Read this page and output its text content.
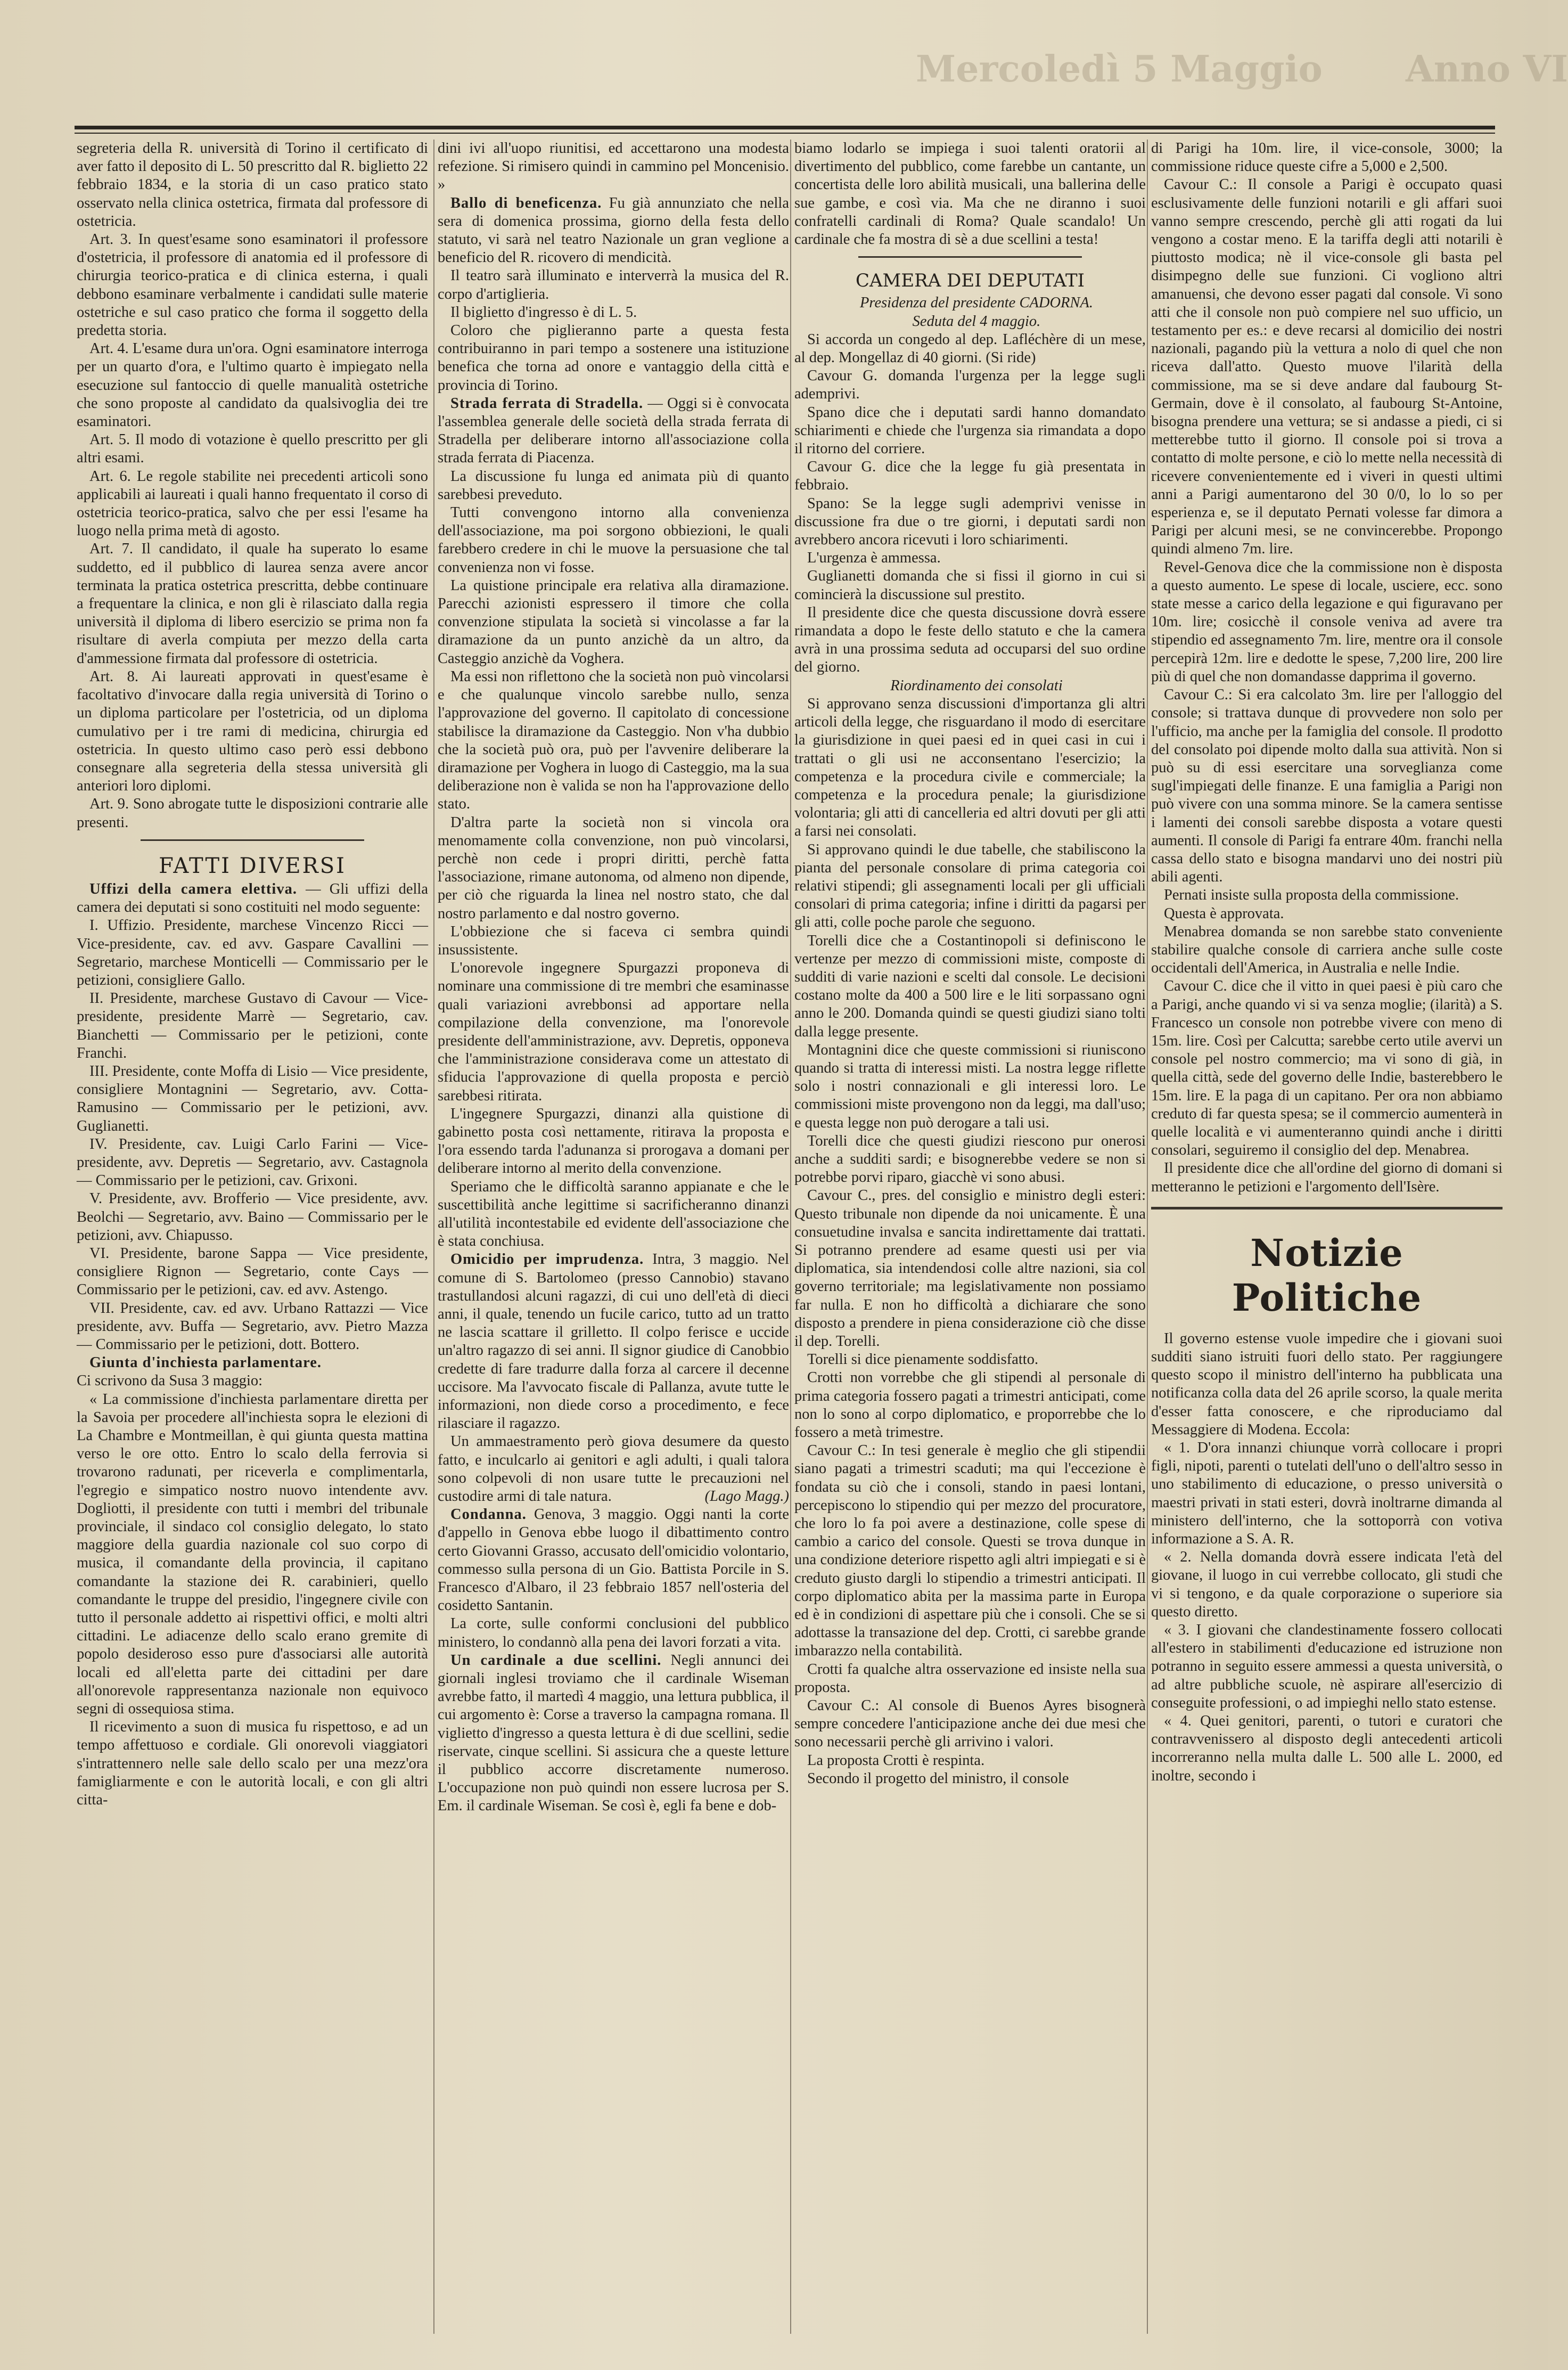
Anno VI
Mercoledì 5 Maggio

segreteria della R. università di Torino il certificato di aver fatto il deposito di L. 50 prescritto dal R. biglietto 22 febbraio 1834, e la storia di un caso pratico stato osservato nella clinica ostetrica, firmata dal professore di ostetricia.

Art. 3. In quest'esame sono esaminatori il professore d'ostetricia, il professore di anatomia ed il professore di chirurgia teorico-pratica e di clinica esterna, i quali debbono esaminare verbalmente i candidati sulle materie ostetriche e sul caso pratico che forma il soggetto della predetta storia.

Art. 4. L'esame dura un'ora. Ogni esaminatore interroga per un quarto d'ora, e l'ultimo quarto è impiegato nella esecuzione sul fantoccio di quelle manualità ostetriche che sono proposte al candidato da qualsivoglia dei tre esaminatori.

Art. 5. Il modo di votazione è quello prescritto per gli altri esami.

Art. 6. Le regole stabilite nei precedenti articoli sono applicabili ai laureati i quali hanno frequentato il corso di ostetricia teorico-pratica, salvo che per essi l'esame ha luogo nella prima metà di agosto.

Art. 7. Il candidato, il quale ha superato lo esame suddetto, ed il pubblico di laurea senza avere ancor terminata la pratica ostetrica prescritta, debbe continuare a frequentare la clinica, e non gli è rilasciato dalla regia università il diploma di libero esercizio se prima non fa risultare di averla compiuta per mezzo della carta d'ammessione firmata dal professore di ostetricia.

Art. 8. Ai laureati approvati in quest'esame è facoltativo d'invocare dalla regia università di Torino o un diploma particolare per l'ostetricia, od un diploma cumulativo per i tre rami di medicina, chirurgia ed ostetricia. In questo ultimo caso però essi debbono consegnare alla segreteria della stessa università gli anteriori loro diplomi.

Art. 9. Sono abrogate tutte le disposizioni contrarie alle presenti.

FATTI DIVERSI

Uffizi della camera elettiva. — Gli uffizi della camera dei deputati si sono costituiti nel modo seguente:

I. Uffizio. Presidente, marchese Vincenzo Ricci — Vice-presidente, cav. ed avv. Gaspare Cavallini — Segretario, marchese Monticelli — Commissario per le petizioni, consigliere Gallo.

II. Presidente, marchese Gustavo di Cavour — Vice-presidente, presidente Marrè — Segretario, cav. Bianchetti — Commissario per le petizioni, conte Franchi.

III. Presidente, conte Moffa di Lisio — Vice presidente, consigliere Montagnini — Segretario, avv. Cotta-Ramusino — Commissario per le petizioni, avv. Guglianetti.

IV. Presidente, cav. Luigi Carlo Farini — Vice-presidente, avv. Depretis — Segretario, avv. Castagnola — Commissario per le petizioni, cav. Grixoni.

V. Presidente, avv. Brofferio — Vice presidente, avv. Beolchi — Segretario, avv. Baino — Commissario per le petizioni, avv. Chiapusso.

VI. Presidente, barone Sappa — Vice presidente, consigliere Rignon — Segretario, conte Cays — Commissario per le petizioni, cav. ed avv. Astengo.

VII. Presidente, cav. ed avv. Urbano Rattazzi — Vice presidente, avv. Buffa — Segretario, avv. Pietro Mazza — Commissario per le petizioni, dott. Bottero.

Giunta d'inchiesta parlamentare.

Ci scrivono da Susa 3 maggio:

« La commissione d'inchiesta parlamentare diretta per la Savoia per procedere all'inchiesta sopra le elezioni di La Chambre e Montmeillan, è qui giunta questa mattina verso le ore otto. Entro lo scalo della ferrovia si trovarono radunati, per riceverla e complimentarla, l'egregio e simpatico nostro nuovo intendente avv. Dogliotti, il presidente con tutti i membri del tribunale provinciale, il sindaco col consiglio delegato, lo stato maggiore della guardia nazionale col suo corpo di musica, il comandante della provincia, il capitano comandante la stazione dei R. carabinieri, quello comandante le truppe del presidio, l'ingegnere civile con tutto il personale addetto ai rispettivi offici, e molti altri cittadini. Le adiacenze dello scalo erano gremite di popolo desideroso esso pure d'associarsi alle autorità locali ed all'eletta parte dei cittadini per dare all'onorevole rappresentanza nazionale non equivoco segni di ossequiosa stima.

Il ricevimento a suon di musica fu rispettoso, e ad un tempo affettuoso e cordiale. Gli onorevoli viaggiatori s'intrattennero nelle sale dello scalo per una mezz'ora famigliarmente e con le autorità locali, e con gli altri citta-

dini ivi all'uopo riunitisi, ed accettarono una modesta refezione. Si rimisero quindi in cammino pel Moncenisio. »

Ballo di beneficenza. Fu già annunziato che nella sera di domenica prossima, giorno della festa dello statuto, vi sarà nel teatro Nazionale un gran veglione a beneficio del R. ricovero di mendicità.

Il teatro sarà illuminato e interverrà la musica del R. corpo d'artiglieria.

Il biglietto d'ingresso è di L. 5.

Coloro che piglieranno parte a questa festa contribuiranno in pari tempo a sostenere una istituzione benefica che torna ad onore e vantaggio della città e provincia di Torino.

Strada ferrata di Stradella. — Oggi si è convocata l'assemblea generale delle società della strada ferrata di Stradella per deliberare intorno all'associazione colla strada ferrata di Piacenza.

La discussione fu lunga ed animata più di quanto sarebbesi preveduto.

Tutti convengono intorno alla convenienza dell'associazione, ma poi sorgono obbiezioni, le quali farebbero credere in chi le muove la persuasione che tal convenienza non vi fosse.

La quistione principale era relativa alla diramazione. Parecchi azionisti espressero il timore che colla convenzione stipulata la società si vincolasse a far la diramazione da un punto anzichè da un altro, da Casteggio anzichè da Voghera.

Ma essi non riflettono che la società non può vincolarsi e che qualunque vincolo sarebbe nullo, senza l'approvazione del governo. Il capitolato di concessione stabilisce la diramazione da Casteggio. Non v'ha dubbio che la società può ora, può per l'avvenire deliberare la diramazione per Voghera in luogo di Casteggio, ma la sua deliberazione non è valida se non ha l'approvazione dello stato.

D'altra parte la società non si vincola ora menomamente colla convenzione, non può vincolarsi, perchè non cede i propri diritti, perchè fatta l'associazione, rimane autonoma, od almeno non dipende, per ciò che riguarda la linea nel nostro stato, che dal nostro parlamento e dal nostro governo.

L'obbiezione che si faceva ci sembra quindi insussistente.

L'onorevole ingegnere Spurgazzi proponeva di nominare una commissione di tre membri che esaminasse quali variazioni avrebbonsi ad apportare nella compilazione della convenzione, ma l'onorevole presidente dell'amministrazione, avv. Depretis, opponeva che l'amministrazione considerava come un attestato di sfiducia l'approvazione di quella proposta e perciò sarebbesi ritirata.

L'ingegnere Spurgazzi, dinanzi alla quistione di gabinetto posta così nettamente, ritirava la proposta e l'ora essendo tarda l'adunanza si prorogava a domani per deliberare intorno al merito della convenzione.

Speriamo che le difficoltà saranno appianate e che le suscettibilità anche legittime si sacrificheranno dinanzi all'utilità incontestabile ed evidente dell'associazione che è stata conchiusa.

Omicidio per imprudenza. Intra, 3 maggio. Nel comune di S. Bartolomeo (presso Cannobio) stavano trastullandosi alcuni ragazzi, di cui uno dell'età di dieci anni, il quale, tenendo un fucile carico, tutto ad un tratto ne lascia scattare il grilletto. Il colpo ferisce e uccide un'altro ragazzo di sei anni. Il signor giudice di Canobbio credette di fare tradurre dalla forza al carcere il decenne uccisore. Ma l'avvocato fiscale di Pallanza, avute tutte le informazioni, non diede corso a procedimento, e fece rilasciare il ragazzo.

Un ammaestramento però giova desumere da questo fatto, e inculcarlo ai genitori e agli adulti, i quali talora sono colpevoli di non usare tutte le precauzioni nel custodire armi di tale natura.	(Lago Magg.)

Condanna. Genova, 3 maggio. Oggi nanti la corte d'appello in Genova ebbe luogo il dibattimento contro certo Giovanni Grasso, accusato dell'omicidio volontario, commesso sulla persona di un Gio. Battista Porcile in S. Francesco d'Albaro, il 23 febbraio 1857 nell'osteria del cosidetto Santanin.

La corte, sulle conformi conclusioni del pubblico ministero, lo condannò alla pena dei lavori forzati a vita.

Un cardinale a due scellini. Negli annunci dei giornali inglesi troviamo che il cardinale Wiseman avrebbe fatto, il martedì 4 maggio, una lettura pubblica, il cui argomento è: Corse a traverso la campagna romana. Il viglietto d'ingresso a questa lettura è di due scellini, sedie riservate, cinque scellini. Si assicura che a queste letture il pubblico accorre discretamente numeroso. L'occupazione non può quindi non essere lucrosa per S. Em. il cardinale Wiseman. Se così è, egli fa bene e dob-

biamo lodarlo se impiega i suoi talenti oratorii al divertimento del pubblico, come farebbe un cantante, un concertista delle loro abilità musicali, una ballerina delle sue gambe, e così via. Ma che ne diranno i suoi confratelli cardinali di Roma? Quale scandalo! Un cardinale che fa mostra di sè a due scellini a testa!

CAMERA DEI DEPUTATI

Presidenza del presidente CADORNA.

Seduta del 4 maggio.

Si accorda un congedo al dep. Lafléchère di un mese, al dep. Mongellaz di 40 giorni. (Si ride)

Cavour G. domanda l'urgenza per la legge sugli ademprivi.

Spano dice che i deputati sardi hanno domandato schiarimenti e chiede che l'urgenza sia rimandata a dopo il ritorno del corriere.

Cavour G. dice che la legge fu già presentata in febbraio.

Spano: Se la legge sugli ademprivi venisse in discussione fra due o tre giorni, i deputati sardi non avrebbero ancora ricevuti i loro schiarimenti.

L'urgenza è ammessa.

Guglianetti domanda che si fissi il giorno in cui si comincierà la discussione sul prestito.

Il presidente dice che questa discussione dovrà essere rimandata a dopo le feste dello statuto e che la camera avrà in una prossima seduta ad occuparsi del suo ordine del giorno.

Riordinamento dei consolati

Si approvano senza discussioni d'importanza gli altri articoli della legge, che risguardano il modo di esercitare la giurisdizione in quei paesi ed in quei casi in cui i trattati o gli usi ne acconsentano l'esercizio; la competenza e la procedura civile e commerciale; la competenza e la procedura penale; la giurisdizione volontaria; gli atti di cancelleria ed altri dovuti per gli atti a farsi nei consolati.

Si approvano quindi le due tabelle, che stabiliscono la pianta del personale consolare di prima categoria coi relativi stipendi; gli assegnamenti locali per gli ufficiali consolari di prima categoria; infine i diritti da pagarsi per gli atti, colle poche parole che seguono.

Torelli dice che a Costantinopoli si definiscono le vertenze per mezzo di commissioni miste, composte di sudditi di varie nazioni e scelti dal console. Le decisioni costano molte da 400 a 500 lire e le liti sorpassano ogni anno le 200. Domanda quindi se questi giudizi siano tolti dalla legge presente.

Montagnini dice che queste commissioni si riuniscono quando si tratta di interessi misti. La nostra legge riflette solo i nostri connazionali e gli interessi loro. Le commissioni miste provengono non da leggi, ma dall'uso; e questa legge non può derogare a tali usi.

Torelli dice che questi giudizi riescono pur onerosi anche a sudditi sardi; e bisognerebbe vedere se non si potrebbe porvi riparo, giacchè vi sono abusi.

Cavour C., pres. del consiglio e ministro degli esteri: Questo tribunale non dipende da noi unicamente. È una consuetudine invalsa e sancita indirettamente dai trattati. Si potranno prendere ad esame questi usi per via diplomatica, sia intendendosi colle altre nazioni, sia col governo territoriale; ma legislativamente non possiamo far nulla. E non ho difficoltà a dichiarare che sono disposto a prendere in piena considerazione ciò che disse il dep. Torelli.

Torelli si dice pienamente soddisfatto.

Crotti non vorrebbe che gli stipendi al personale di prima categoria fossero pagati a trimestri anticipati, come non lo sono al corpo diplomatico, e proporrebbe che lo fossero a metà trimestre.

Cavour C.: In tesi generale è meglio che gli stipendii siano pagati a trimestri scaduti; ma qui l'eccezione è fondata su ciò che i consoli, stando in paesi lontani, percepiscono lo stipendio qui per mezzo del procuratore, che loro lo fa poi avere a destinazione, colle spese di cambio a carico del console. Questi se trova dunque in una condizione deteriore rispetto agli altri impiegati e si è creduto giusto dargli lo stipendio a trimestri anticipati. Il corpo diplomatico abita per la massima parte in Europa ed è in condizioni di aspettare più che i consoli. Che se si adottasse la transazione del dep. Crotti, ci sarebbe grande imbarazzo nella contabilità.

Crotti fa qualche altra osservazione ed insiste nella sua proposta.

Cavour C.: Al console di Buenos Ayres bisognerà sempre concedere l'anticipazione anche dei due mesi che sono necessarii perchè gli arrivino i valori.

La proposta Crotti è respinta.

Secondo il progetto del ministro, il console

di Parigi ha 10m. lire, il vice-console, 3000; la commissione riduce queste cifre a 5,000 e 2,500.

Cavour C.: Il console a Parigi è occupato quasi esclusivamente delle funzioni notarili e gli affari suoi vanno sempre crescendo, perchè gli atti rogati da lui vengono a costar meno. E la tariffa degli atti notarili è piuttosto modica; nè il vice-console gli basta pel disimpegno delle sue funzioni. Ci vogliono altri amanuensi, che devono esser pagati dal console. Vi sono atti che il console non può compiere nel suo ufficio, un testamento per es.: e deve recarsi al domicilio dei nostri nazionali, pagando più la vettura a nolo di quel che non riceva dall'atto. Questo muove l'ilarità della commissione, ma se si deve andare dal faubourg St-Germain, dove è il consolato, al faubourg St-Antoine, bisogna prendere una vettura; se si andasse a piedi, ci si metterebbe tutto il giorno. Il console poi si trova a contatto di molte persone, e ciò lo mette nella necessità di ricevere convenientemente ed i viveri in questi ultimi anni a Parigi aumentarono del 30 0/0, lo lo so per esperienza e, se il deputato Pernati volesse far dimora a Parigi per alcuni mesi, se ne convincerebbe. Propongo quindi almeno 7m. lire.

Revel-Genova dice che la commissione non è disposta a questo aumento. Le spese di locale, usciere, ecc. sono state messe a carico della legazione e qui figuravano per 10m. lire; cosicchè il console veniva ad avere tra stipendio ed assegnamento 7m. lire, mentre ora il console percepirà 12m. lire e dedotte le spese, 7,200 lire, 200 lire più di quel che non domandasse dapprima il governo.

Cavour C.: Si era calcolato 3m. lire per l'alloggio del console; si trattava dunque di provvedere non solo per l'ufficio, ma anche per la famiglia del console. Il prodotto del consolato poi dipende molto dalla sua attività. Non si può su di essi esercitare una sorveglianza come sugl'impiegati delle finanze. E una famiglia a Parigi non può vivere con una somma minore. Se la camera sentisse i lamenti dei consoli sarebbe disposta a votare questi aumenti. Il console di Parigi fa entrare 40m. franchi nella cassa dello stato e bisogna mandarvi uno dei nostri più abili agenti.

Pernati insiste sulla proposta della commissione.

Questa è approvata.

Menabrea domanda se non sarebbe stato conveniente stabilire qualche console di carriera anche sulle coste occidentali dell'America, in Australia e nelle Indie.

Cavour C. dice che il vitto in quei paesi è più caro che a Parigi, anche quando vi si va senza moglie; (ilarità) a S. Francesco un console non potrebbe vivere con meno di 15m. lire. Così per Calcutta; sarebbe certo utile avervi un console pel nostro commercio; ma vi sono di già, in quella città, sede del governo delle Indie, basterebbero le 15m. lire. E la paga di un capitano. Per ora non abbiamo creduto di far questa spesa; se il commercio aumenterà in quelle località e vi aumenteranno quindi anche i diritti consolari, seguiremo il consiglio del dep. Menabrea.

Il presidente dice che all'ordine del giorno di domani si metteranno le petizioni e l'argomento dell'Isère.

Notizie Politiche

Il governo estense vuole impedire che i giovani suoi sudditi siano istruiti fuori dello stato. Per raggiungere questo scopo il ministro dell'interno ha pubblicata una notificanza colla data del 26 aprile scorso, la quale merita d'esser fatta conoscere, e che riproduciamo dal Messaggiere di Modena. Eccola:

« 1. D'ora innanzi chiunque vorrà collocare i propri figli, nipoti, parenti o tutelati dell'uno o dell'altro sesso in uno stabilimento di educazione, o presso università o maestri privati in stati esteri, dovrà inoltrarne dimanda al ministero dell'interno, che la sottoporrà con votiva informazione a S. A. R.

« 2. Nella domanda dovrà essere indicata l'età del giovane, il luogo in cui verrebbe collocato, gli studi che vi si tengono, e da quale corporazione o superiore sia questo diretto.

« 3. I giovani che clandestinamente fossero collocati all'estero in stabilimenti d'educazione ed istruzione non potranno in seguito essere ammessi a questa università, o ad altre pubbliche scuole, nè aspirare all'esercizio di conseguite professioni, o ad impieghi nello stato estense.

« 4. Quei genitori, parenti, o tutori e curatori che contravvenissero al disposto degli antecedenti articoli incorreranno nella multa dalle L. 500 alle L. 2000, ed inoltre, secondo i
